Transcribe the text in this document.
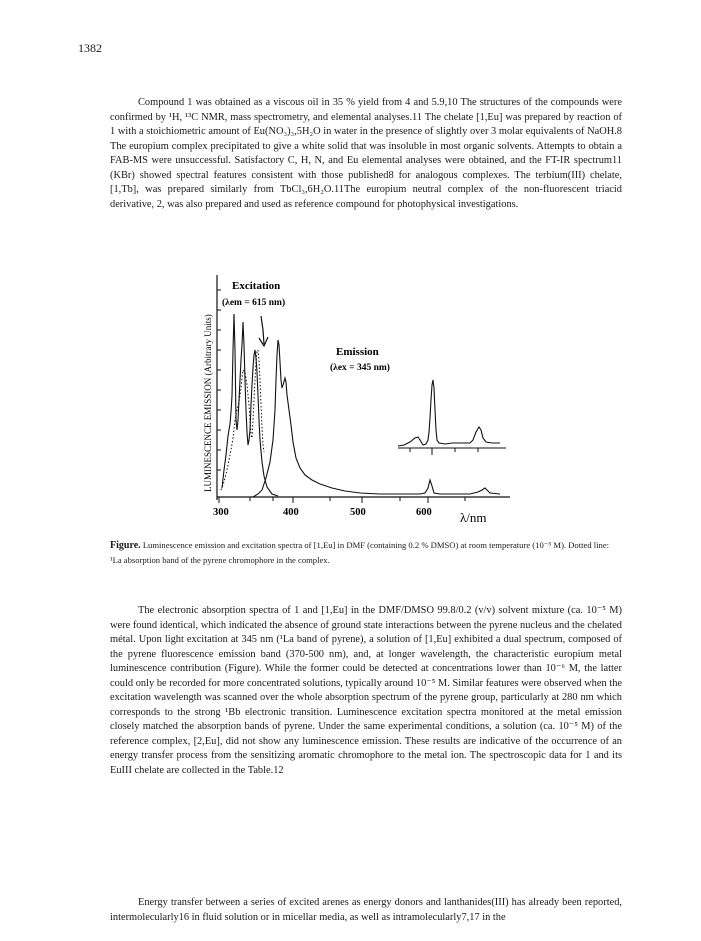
1382

Compound 1 was obtained as a viscous oil in 35 % yield from 4 and 5.9,10 The structures of the compounds were confirmed by ¹H, ¹³C NMR, mass spectrometry, and elemental analyses.11 The chelate [1,Eu] was prepared by reaction of 1 with a stoichiometric amount of Eu(NO₃)₃,5H₂O in water in the presence of slightly over 3 molar equivalents of NaOH.8 The europium complex precipitated to give a white solid that was insoluble in most organic solvents. Attempts to obtain a FAB-MS were unsuccessful. Satisfactory C, H, N, and Eu elemental analyses were obtained, and the FT-IR spectrum11 (KBr) showed spectral features consistent with those published8 for analogous complexes. The terbium(III) chelate, [1,Tb], was prepared similarly from TbCl₃,6H₂O.11The europium neutral complex of the non-fluorescent triacid derivative, 2, was also prepared and used as reference compound for photophysical investigations.

300	400	500	600 λ/nm
LUMINESCENCE EMISSION (Arbitrary Units)
Excitation
(λem = 615 nm)
Emission
(λex = 345 nm)

Figure. Luminescence emission and excitation spectra of [1,Eu] in DMF (containing 0.2 % DMSO) at room temperature (10⁻⁵ M). Dotted line: ¹La absorption band of the pyrene chromophore in the complex.

The electronic absorption spectra of 1 and [1,Eu] in the DMF/DMSO 99.8/0.2 (v/v) solvent mixture (ca. 10⁻⁵ M) were found identical, which indicated the absence of ground state interactions between the pyrene nucleus and the chelated métal. Upon light excitation at 345 nm (¹La band of pyrene), a solution of [1,Eu] exhibited a dual spectrum, composed of the pyrene fluorescence emission band (370-500 nm), and, at longer wavelength, the characteristic europium metal luminescence contribution (Figure). While the former could be detected at concentrations lower than 10⁻⁶ M, the latter could only be recorded for more concentrated solutions, typically around 10⁻⁵ M. Similar features were observed when the excitation wavelength was scanned over the whole absorption spectrum of the pyrene group, particularly at 280 nm which corresponds to the strong ¹Bb electronic transition. Luminescence excitation spectra monitored at the metal emission closely matched the absorption bands of pyrene. Under the same experimental conditions, a solution (ca. 10⁻⁵ M) of the reference complex, [2,Eu], did not show any luminescence emission. These results are indicative of the occurrence of an energy transfer process from the sensitizing aromatic chromophore to the metal ion. The spectroscopic data for 1 and its EuIII chelate are collected in the Table.12

Energy transfer between a series of excited arenes as energy donors and lanthanides(III) has already been reported, intermolecularly16 in fluid solution or in micellar media, as well as intramolecularly7,17 in the
